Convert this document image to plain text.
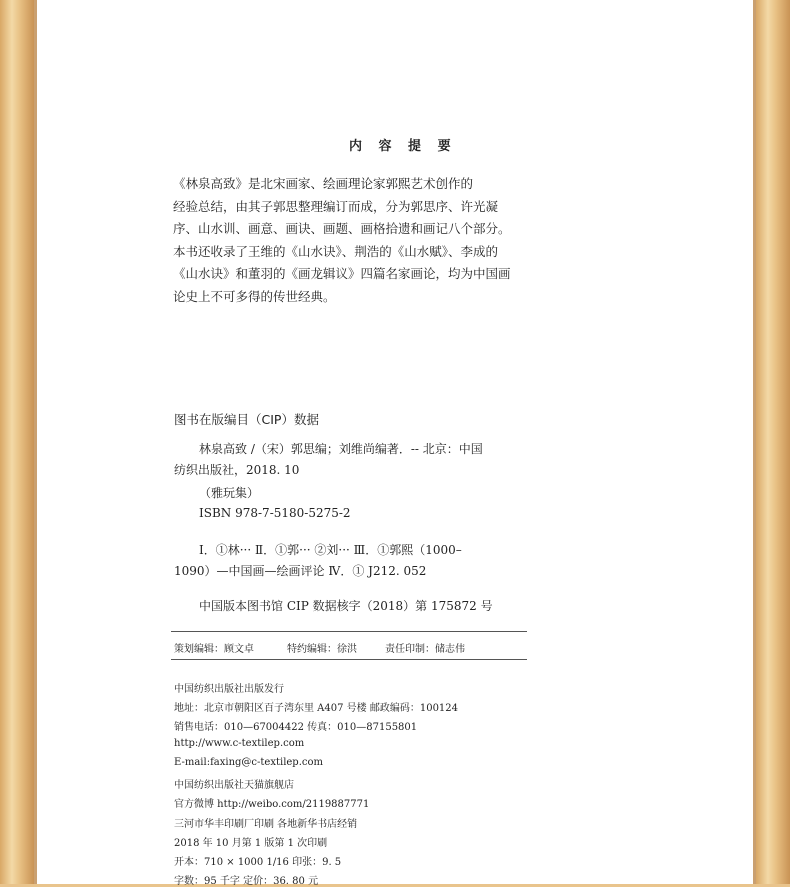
内 容 提 要
《林泉高致》是北宋画家、绘画理论家郭熙艺术创作的
经验总结，由其子郭思整理编订而成，分为郭思序、许光凝
序、山水训、画意、画诀、画题、画格拾遗和画记八个部分。
本书还收录了王维的《山水诀》、荆浩的《山水赋》、李成的
《山水诀》和董羽的《画龙辑议》四篇名家画论，均为中国画
论史上不可多得的传世经典。
图书在版编目（CIP）数据
林泉高致 /（宋）郭思编；刘维尚编著．-- 北京：中国
纺织出版社，2018. 10
（雅玩集）
ISBN 978-7-5180-5275-2
Ⅰ．①林··· Ⅱ．①郭··· ②刘··· Ⅲ．①郭熙（1000–
1090）—中国画—绘画评论 Ⅳ．① J212. 052
中国版本图书馆 CIP 数据核字（2018）第 175872 号
策划编辑：顾文卓	特约编辑：徐洪	责任印制：储志伟
中国纺织出版社出版发行
地址：北京市朝阳区百子湾东里 A407 号楼 邮政编码：100124
销售电话：010—67004422 传真：010—87155801
http://www.c-textilep.com
E-mail:faxing@c-textilep.com
中国纺织出版社天猫旗舰店
官方微博 http://weibo.com/2119887771
三河市华丰印刷厂印刷 各地新华书店经销
2018 年 10 月第 1 版第 1 次印刷
开本：710 × 1000 1/16 印张：9. 5
字数：95 千字 定价：36. 80 元
